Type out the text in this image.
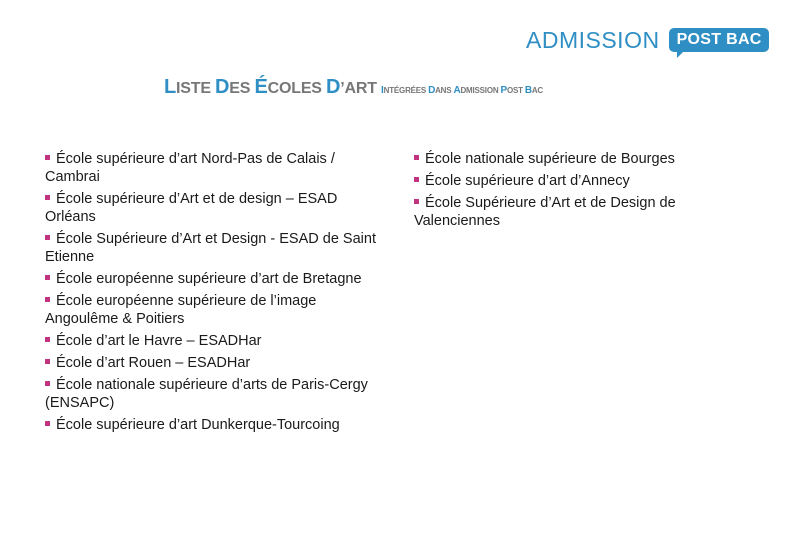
ADMISSION	POST BAC
LISTE DES ÉCOLES D’ART INTÉGRÉES DANS ADMISSION POST BAC
École supérieure d’art Nord-Pas de Calais / Cambrai
École supérieure d’Art et de design – ESAD Orléans
École Supérieure d’Art et Design - ESAD de Saint Etienne
École européenne supérieure d’art de Bretagne
École européenne supérieure de l’image Angoulême & Poitiers
École d’art le Havre – ESADHar
École d’art Rouen – ESADHar
École nationale supérieure d’arts de Paris-Cergy (ENSAPC)
École supérieure d’art Dunkerque-Tourcoing
École nationale supérieure de Bourges
École supérieure d’art d’Annecy
École Supérieure d’Art et de Design de Valenciennes
